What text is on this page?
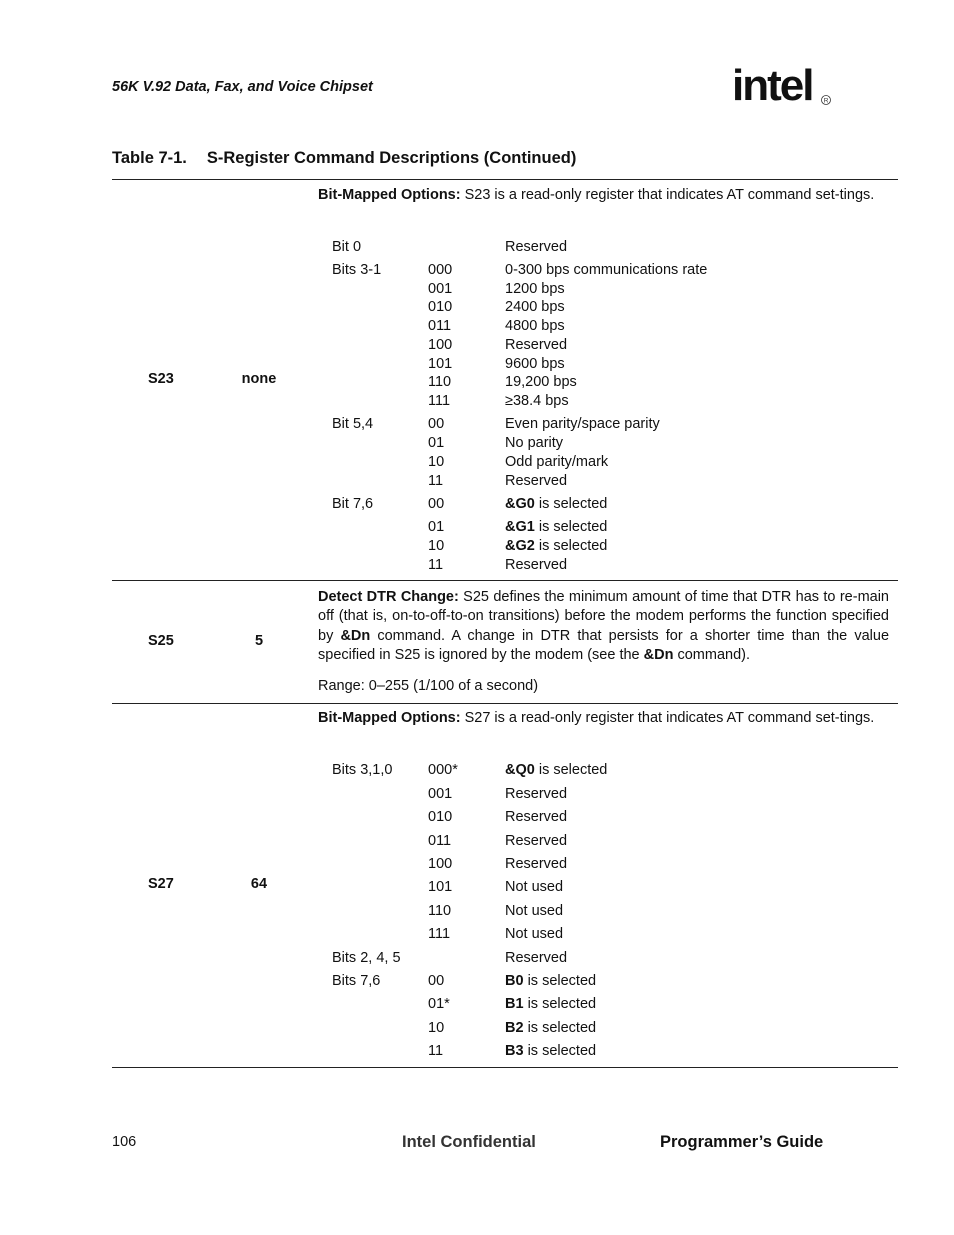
56K V.92 Data, Fax, and Voice Chipset	intel R
Table 7-1. S-Register Command Descriptions (Continued)
S23	none
Bit-Mapped Options: S23 is a read-only register that indicates AT command set-tings.
Bit 0	Reserved
Bits 3-1	000	0-300 bps communications rate
001	1200 bps
010	2400 bps
011	4800 bps
100	Reserved
101	9600 bps
110	19,200 bps
111	≥38.4 bps
Bit 5,4	00	Even parity/space parity
01	No parity
10	Odd parity/mark
11	Reserved
Bit 7,6	00	&G0 is selected
01	&G1 is selected
10	&G2 is selected
11	Reserved
S25	5
Detect DTR Change: S25 defines the minimum amount of time that DTR has to re-main off (that is, on-to-off-to-on transitions) before the modem performs the function specified by &Dn command. A change in DTR that persists for a shorter time than the value specified in S25 is ignored by the modem (see the &Dn command).
Range: 0–255 (1/100 of a second)
S27	64
Bit-Mapped Options: S27 is a read-only register that indicates AT command set-tings.
Bits 3,1,0 000*	&Q0 is selected
001	Reserved
010	Reserved
011	Reserved
100	Reserved
101	Not used
110	Not used
111	Not used
Bits 2, 4, 5	Reserved
Bits 7,6	00	B0 is selected
01*	B1 is selected
10	B2 is selected
11	B3 is selected
106	Intel Confidential	Programmer’s Guide
